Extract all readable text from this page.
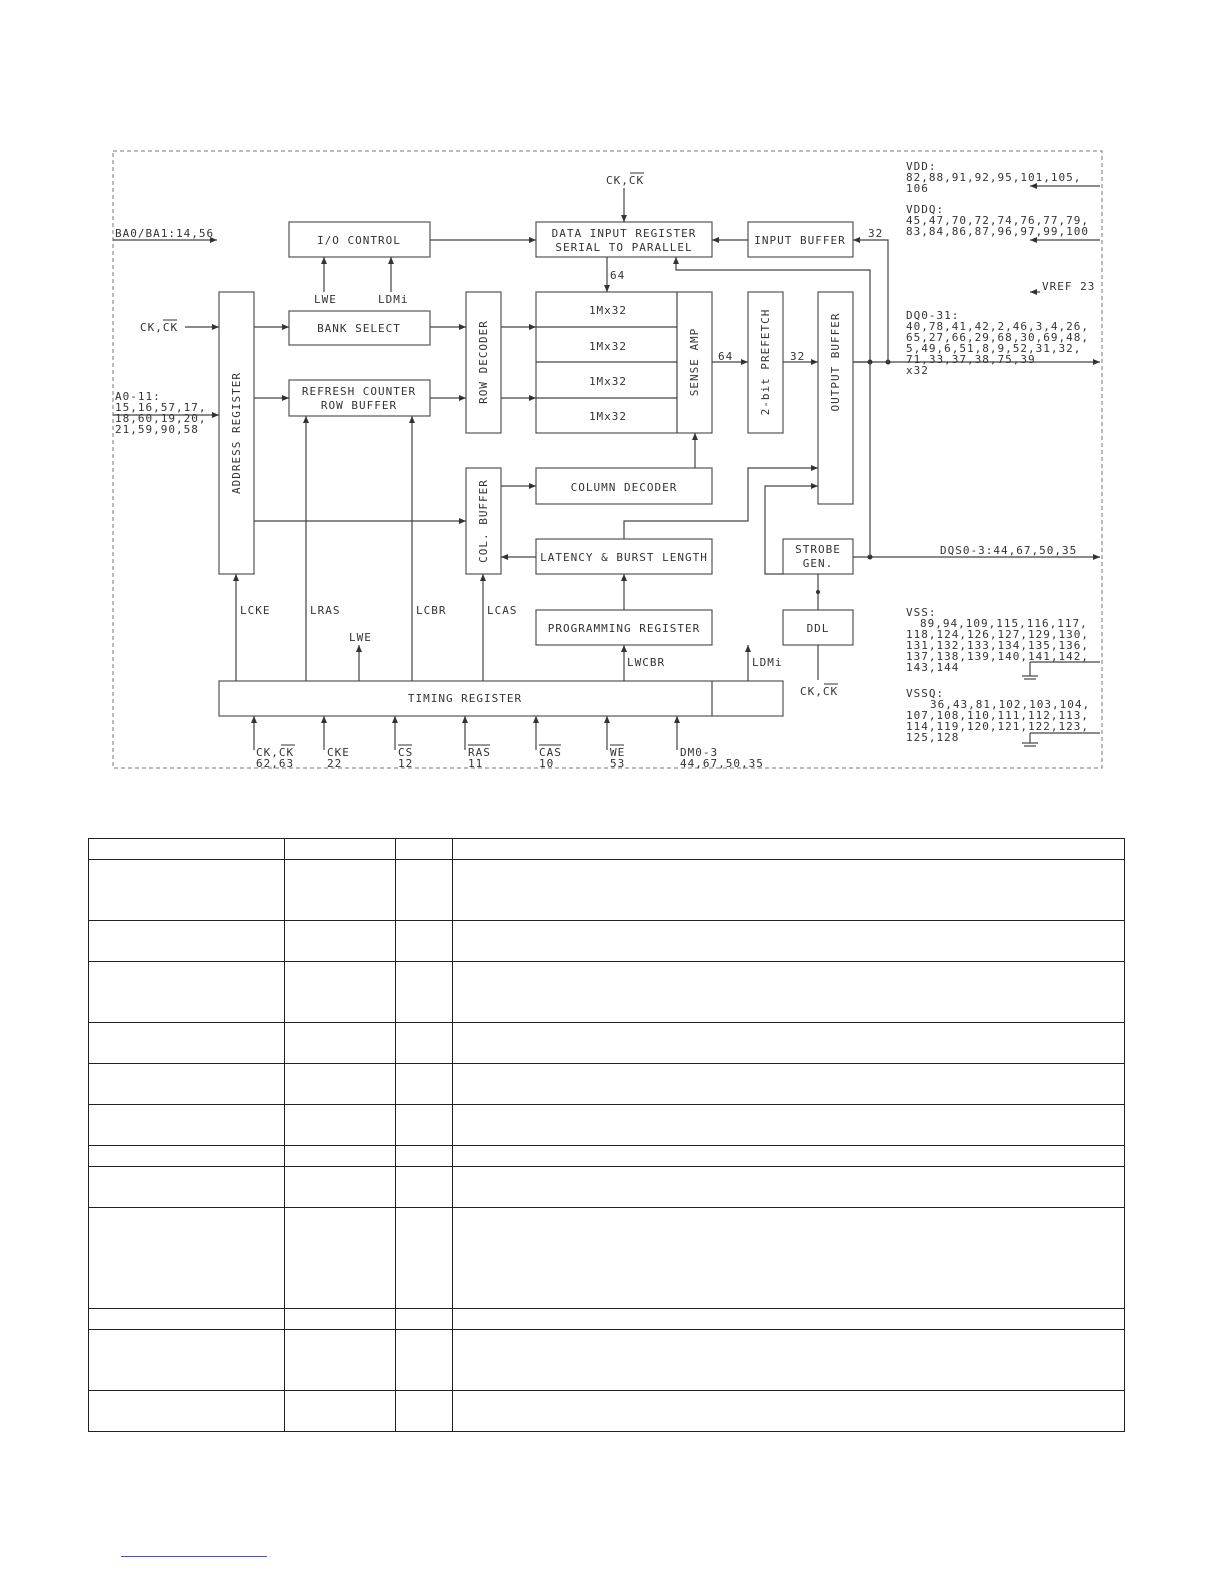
I/O CONTROL
DATA INPUT REGISTER
SERIAL TO PARALLEL
INPUT BUFFER
BANK SELECT
REFRESH COUNTER
ROW BUFFER
ADDRESS REGISTER
ROW DECODER
1Mx32
1Mx32
1Mx32
1Mx32
SENSE AMP	2-bit PREFETCH	OUTPUT BUFFER
COL. BUFFER	COLUMN DECODER
LATENCY & BURST LENGTH
PROGRAMMING REGISTER
STROBE
GEN.
DDL
TIMING REGISTER
CK,CK
BA0/BA1:14,56
CK,CK
A0-11:
15,16,57,17,
18,60,19,20,
21,59,90,58
LWE	LDMi
64
64	32
32
LCKE	LRAS	LCBR	LCAS
LWE
LWCBR	LDMi
CK,CK
CK,CK
62,63
CKE
22
CS
12
RAS
11
CAS
10
WE
53
DM0-3
44,67,50,35
VDD:
82,88,91,92,95,101,105,
106
VDDQ:
45,47,70,72,74,76,77,79,
83,84,86,87,96,97,99,100
VREF 23
DQ0-31:
40,78,41,42,2,46,3,4,26,
65,27,66,29,68,30,69,48,
5,49,6,51,8,9,52,31,32,
71,33,37,38,75,39
x32
DQS0-3:44,67,50,35
VSS:
89,94,109,115,116,117,
118,124,126,127,129,130,
131,132,133,134,135,136,
137,138,139,140,141,142,
143,144
VSSQ:
36,43,81,102,103,104,
107,108,110,111,112,113,
114,119,120,121,122,123,
125,128
